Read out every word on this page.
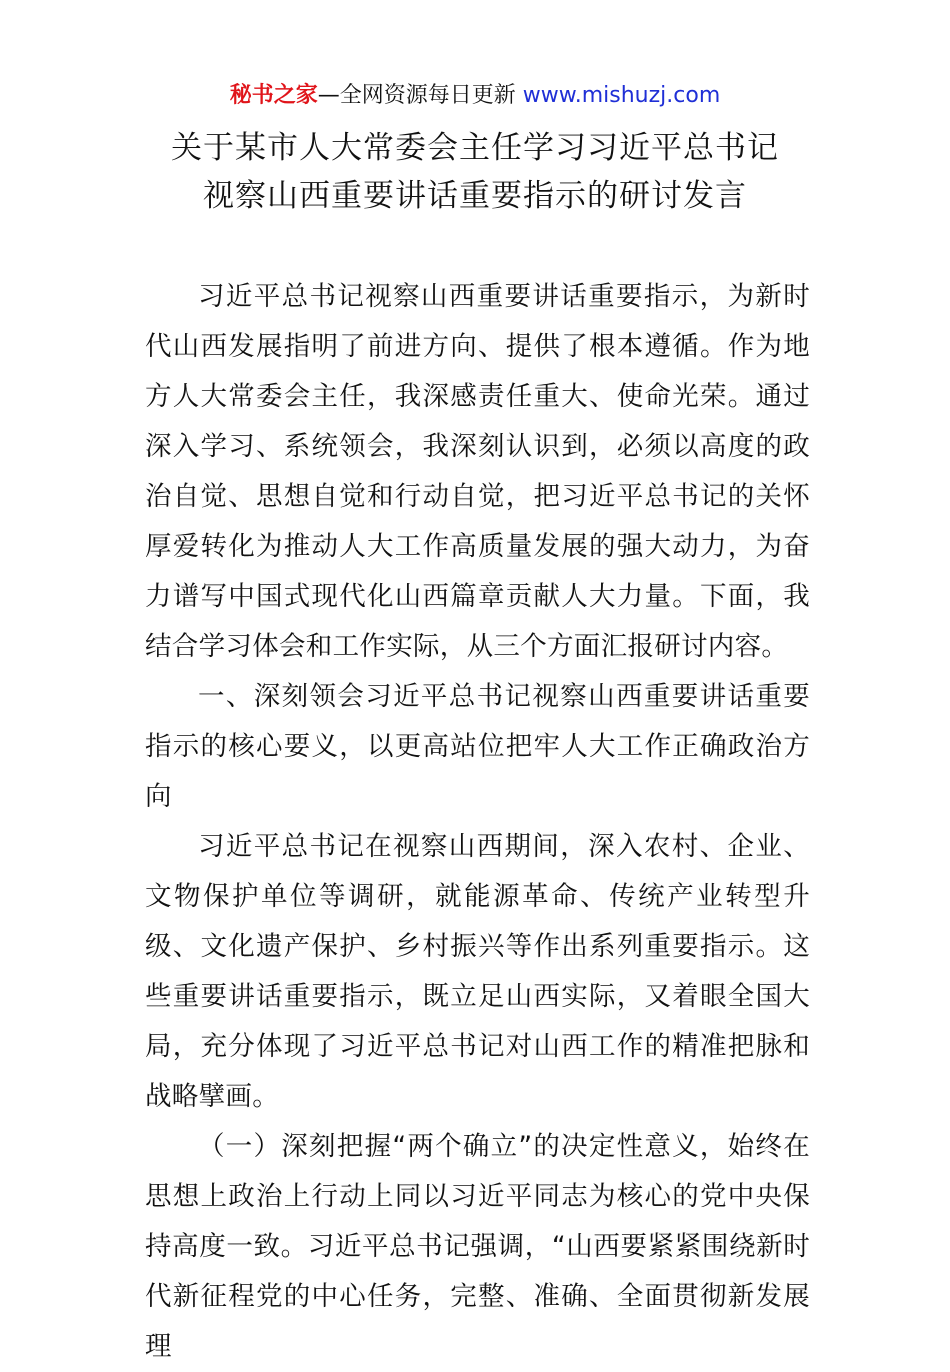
秘书之家—全网资源每日更新 www.mishuzj.com
关于某市人大常委会主任学习习近平总书记
视察山西重要讲话重要指示的研讨发言

习近平总书记视察山西重要讲话重要指示，为新时代山西发展指明了前进方向、提供了根本遵循。作为地方人大常委会主任，我深感责任重大、使命光荣。通过深入学习、系统领会，我深刻认识到，必须以高度的政治自觉、思想自觉和行动自觉，把习近平总书记的关怀厚爱转化为推动人大工作高质量发展的强大动力，为奋力谱写中国式现代化山西篇章贡献人大力量。下面，我结合学习体会和工作实际，从三个方面汇报研讨内容。

一、深刻领会习近平总书记视察山西重要讲话重要指示的核心要义，以更高站位把牢人大工作正确政治方向

习近平总书记在视察山西期间，深入农村、企业、文物保护单位等调研，就能源革命、传统产业转型升级、文化遗产保护、乡村振兴等作出系列重要指示。这些重要讲话重要指示，既立足山西实际，又着眼全国大局，充分体现了习近平总书记对山西工作的精准把脉和战略擘画。

（一）深刻把握“两个确立”的决定性意义，始终在思想上政治上行动上同以习近平同志为核心的党中央保持高度一致。习近平总书记强调，“山西要紧紧围绕新时代新征程党的中心任务，完整、准确、全面贯彻新发展理
